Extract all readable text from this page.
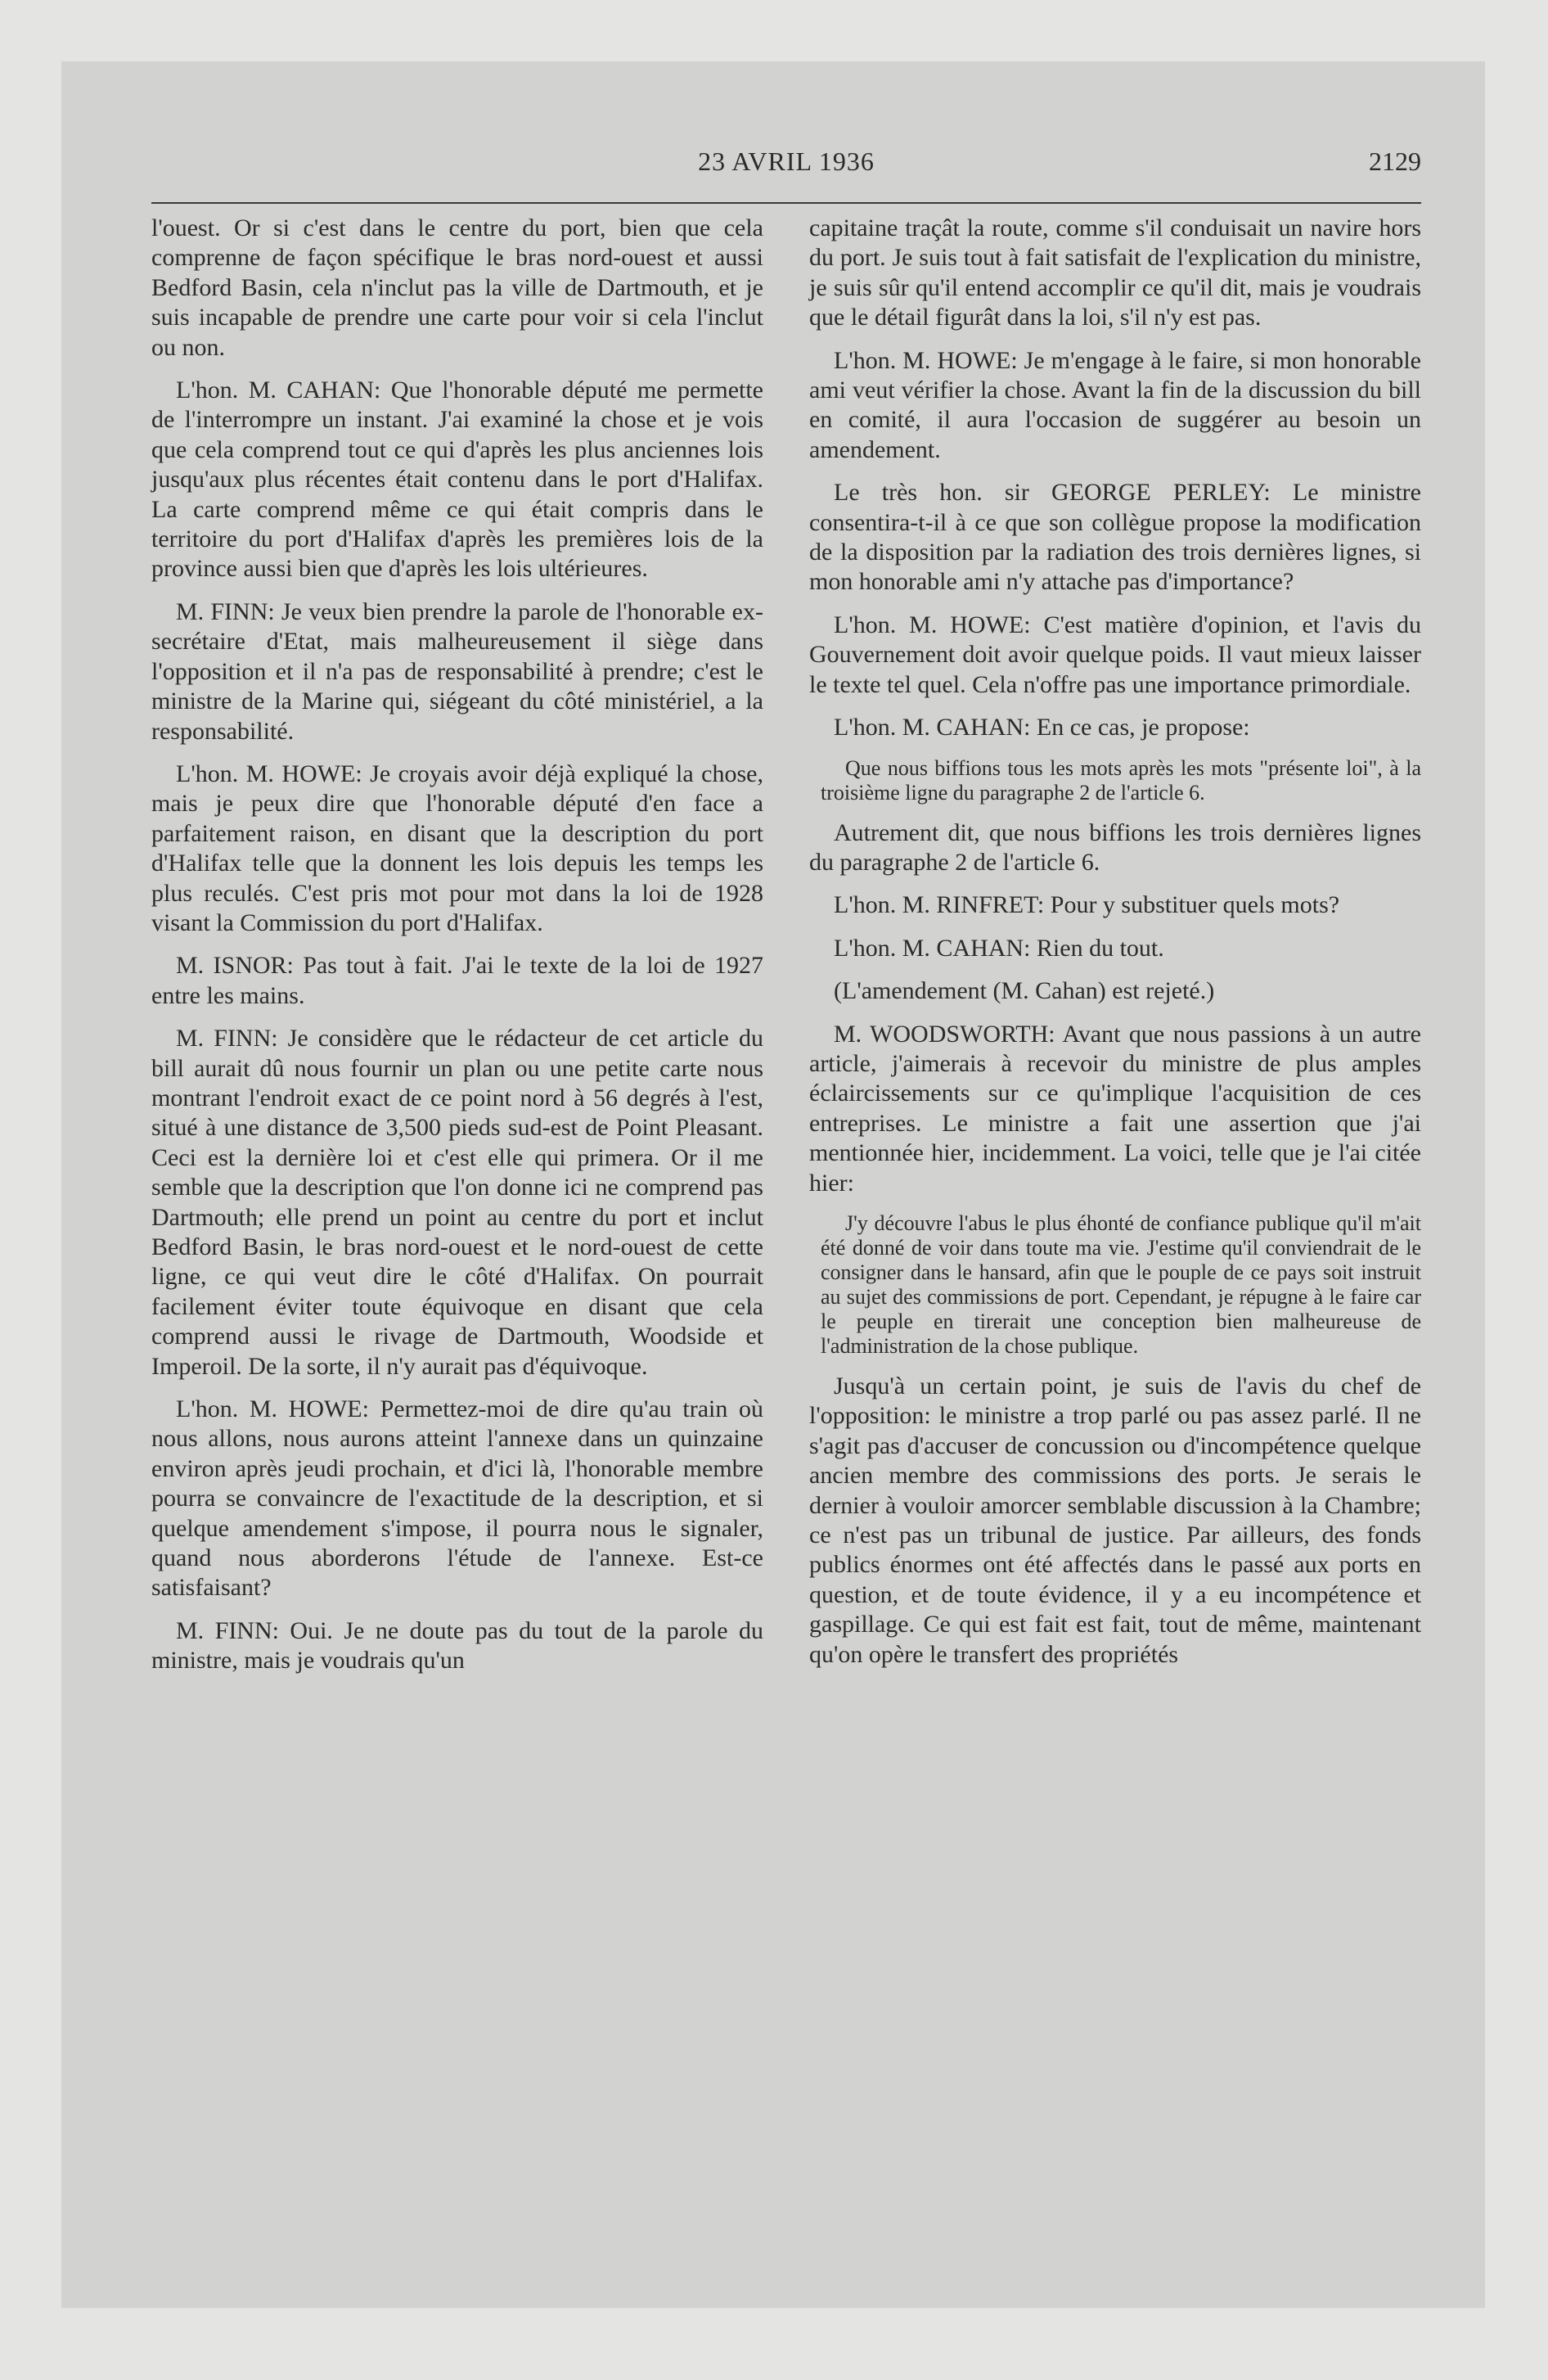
23 AVRIL 1936	2129

l'ouest. Or si c'est dans le centre du port, bien que cela comprenne de façon spécifique le bras nord-ouest et aussi Bedford Basin, cela n'inclut pas la ville de Dartmouth, et je suis incapable de prendre une carte pour voir si cela l'inclut ou non.

L'hon. M. CAHAN: Que l'honorable député me permette de l'interrompre un instant. J'ai examiné la chose et je vois que cela comprend tout ce qui d'après les plus anciennes lois jusqu'aux plus récentes était contenu dans le port d'Halifax. La carte comprend même ce qui était compris dans le territoire du port d'Halifax d'après les premières lois de la province aussi bien que d'après les lois ultérieures.

M. FINN: Je veux bien prendre la parole de l'honorable ex-secrétaire d'Etat, mais malheureusement il siège dans l'opposition et il n'a pas de responsabilité à prendre; c'est le ministre de la Marine qui, siégeant du côté ministériel, a la responsabilité.

L'hon. M. HOWE: Je croyais avoir déjà expliqué la chose, mais je peux dire que l'honorable député d'en face a parfaitement raison, en disant que la description du port d'Halifax telle que la donnent les lois depuis les temps les plus reculés. C'est pris mot pour mot dans la loi de 1928 visant la Commission du port d'Halifax.

M. ISNOR: Pas tout à fait. J'ai le texte de la loi de 1927 entre les mains.

M. FINN: Je considère que le rédacteur de cet article du bill aurait dû nous fournir un plan ou une petite carte nous montrant l'endroit exact de ce point nord à 56 degrés à l'est, situé à une distance de 3,500 pieds sud-est de Point Pleasant. Ceci est la dernière loi et c'est elle qui primera. Or il me semble que la description que l'on donne ici ne comprend pas Dartmouth; elle prend un point au centre du port et inclut Bedford Basin, le bras nord-ouest et le nord-ouest de cette ligne, ce qui veut dire le côté d'Halifax. On pourrait facilement éviter toute équivoque en disant que cela comprend aussi le rivage de Dartmouth, Woodside et Imperoil. De la sorte, il n'y aurait pas d'équivoque.

L'hon. M. HOWE: Permettez-moi de dire qu'au train où nous allons, nous aurons atteint l'annexe dans un quinzaine environ après jeudi prochain, et d'ici là, l'honorable membre pourra se convaincre de l'exactitude de la description, et si quelque amendement s'impose, il pourra nous le signaler, quand nous aborderons l'étude de l'annexe. Est-ce satisfaisant?

M. FINN: Oui. Je ne doute pas du tout de la parole du ministre, mais je voudrais qu'un

capitaine traçât la route, comme s'il conduisait un navire hors du port. Je suis tout à fait satisfait de l'explication du ministre, je suis sûr qu'il entend accomplir ce qu'il dit, mais je voudrais que le détail figurât dans la loi, s'il n'y est pas.

L'hon. M. HOWE: Je m'engage à le faire, si mon honorable ami veut vérifier la chose. Avant la fin de la discussion du bill en comité, il aura l'occasion de suggérer au besoin un amendement.

Le très hon. sir GEORGE PERLEY: Le ministre consentira-t-il à ce que son collègue propose la modification de la disposition par la radiation des trois dernières lignes, si mon honorable ami n'y attache pas d'importance?

L'hon. M. HOWE: C'est matière d'opinion, et l'avis du Gouvernement doit avoir quelque poids. Il vaut mieux laisser le texte tel quel. Cela n'offre pas une importance primordiale.

L'hon. M. CAHAN: En ce cas, je propose:

Que nous biffions tous les mots après les mots "présente loi", à la troisième ligne du paragraphe 2 de l'article 6.

Autrement dit, que nous biffions les trois dernières lignes du paragraphe 2 de l'article 6.

L'hon. M. RINFRET: Pour y substituer quels mots?

L'hon. M. CAHAN: Rien du tout.

(L'amendement (M. Cahan) est rejeté.)

M. WOODSWORTH: Avant que nous passions à un autre article, j'aimerais à recevoir du ministre de plus amples éclaircissements sur ce qu'implique l'acquisition de ces entreprises. Le ministre a fait une assertion que j'ai mentionnée hier, incidemment. La voici, telle que je l'ai citée hier:

J'y découvre l'abus le plus éhonté de confiance publique qu'il m'ait été donné de voir dans toute ma vie. J'estime qu'il conviendrait de le consigner dans le hansard, afin que le pouple de ce pays soit instruit au sujet des commissions de port. Cependant, je répugne à le faire car le peuple en tirerait une conception bien malheureuse de l'administration de la chose publique.

Jusqu'à un certain point, je suis de l'avis du chef de l'opposition: le ministre a trop parlé ou pas assez parlé. Il ne s'agit pas d'accuser de concussion ou d'incompétence quelque ancien membre des commissions des ports. Je serais le dernier à vouloir amorcer semblable discussion à la Chambre; ce n'est pas un tribunal de justice. Par ailleurs, des fonds publics énormes ont été affectés dans le passé aux ports en question, et de toute évidence, il y a eu incompétence et gaspillage. Ce qui est fait est fait, tout de même, maintenant qu'on opère le transfert des propriétés
